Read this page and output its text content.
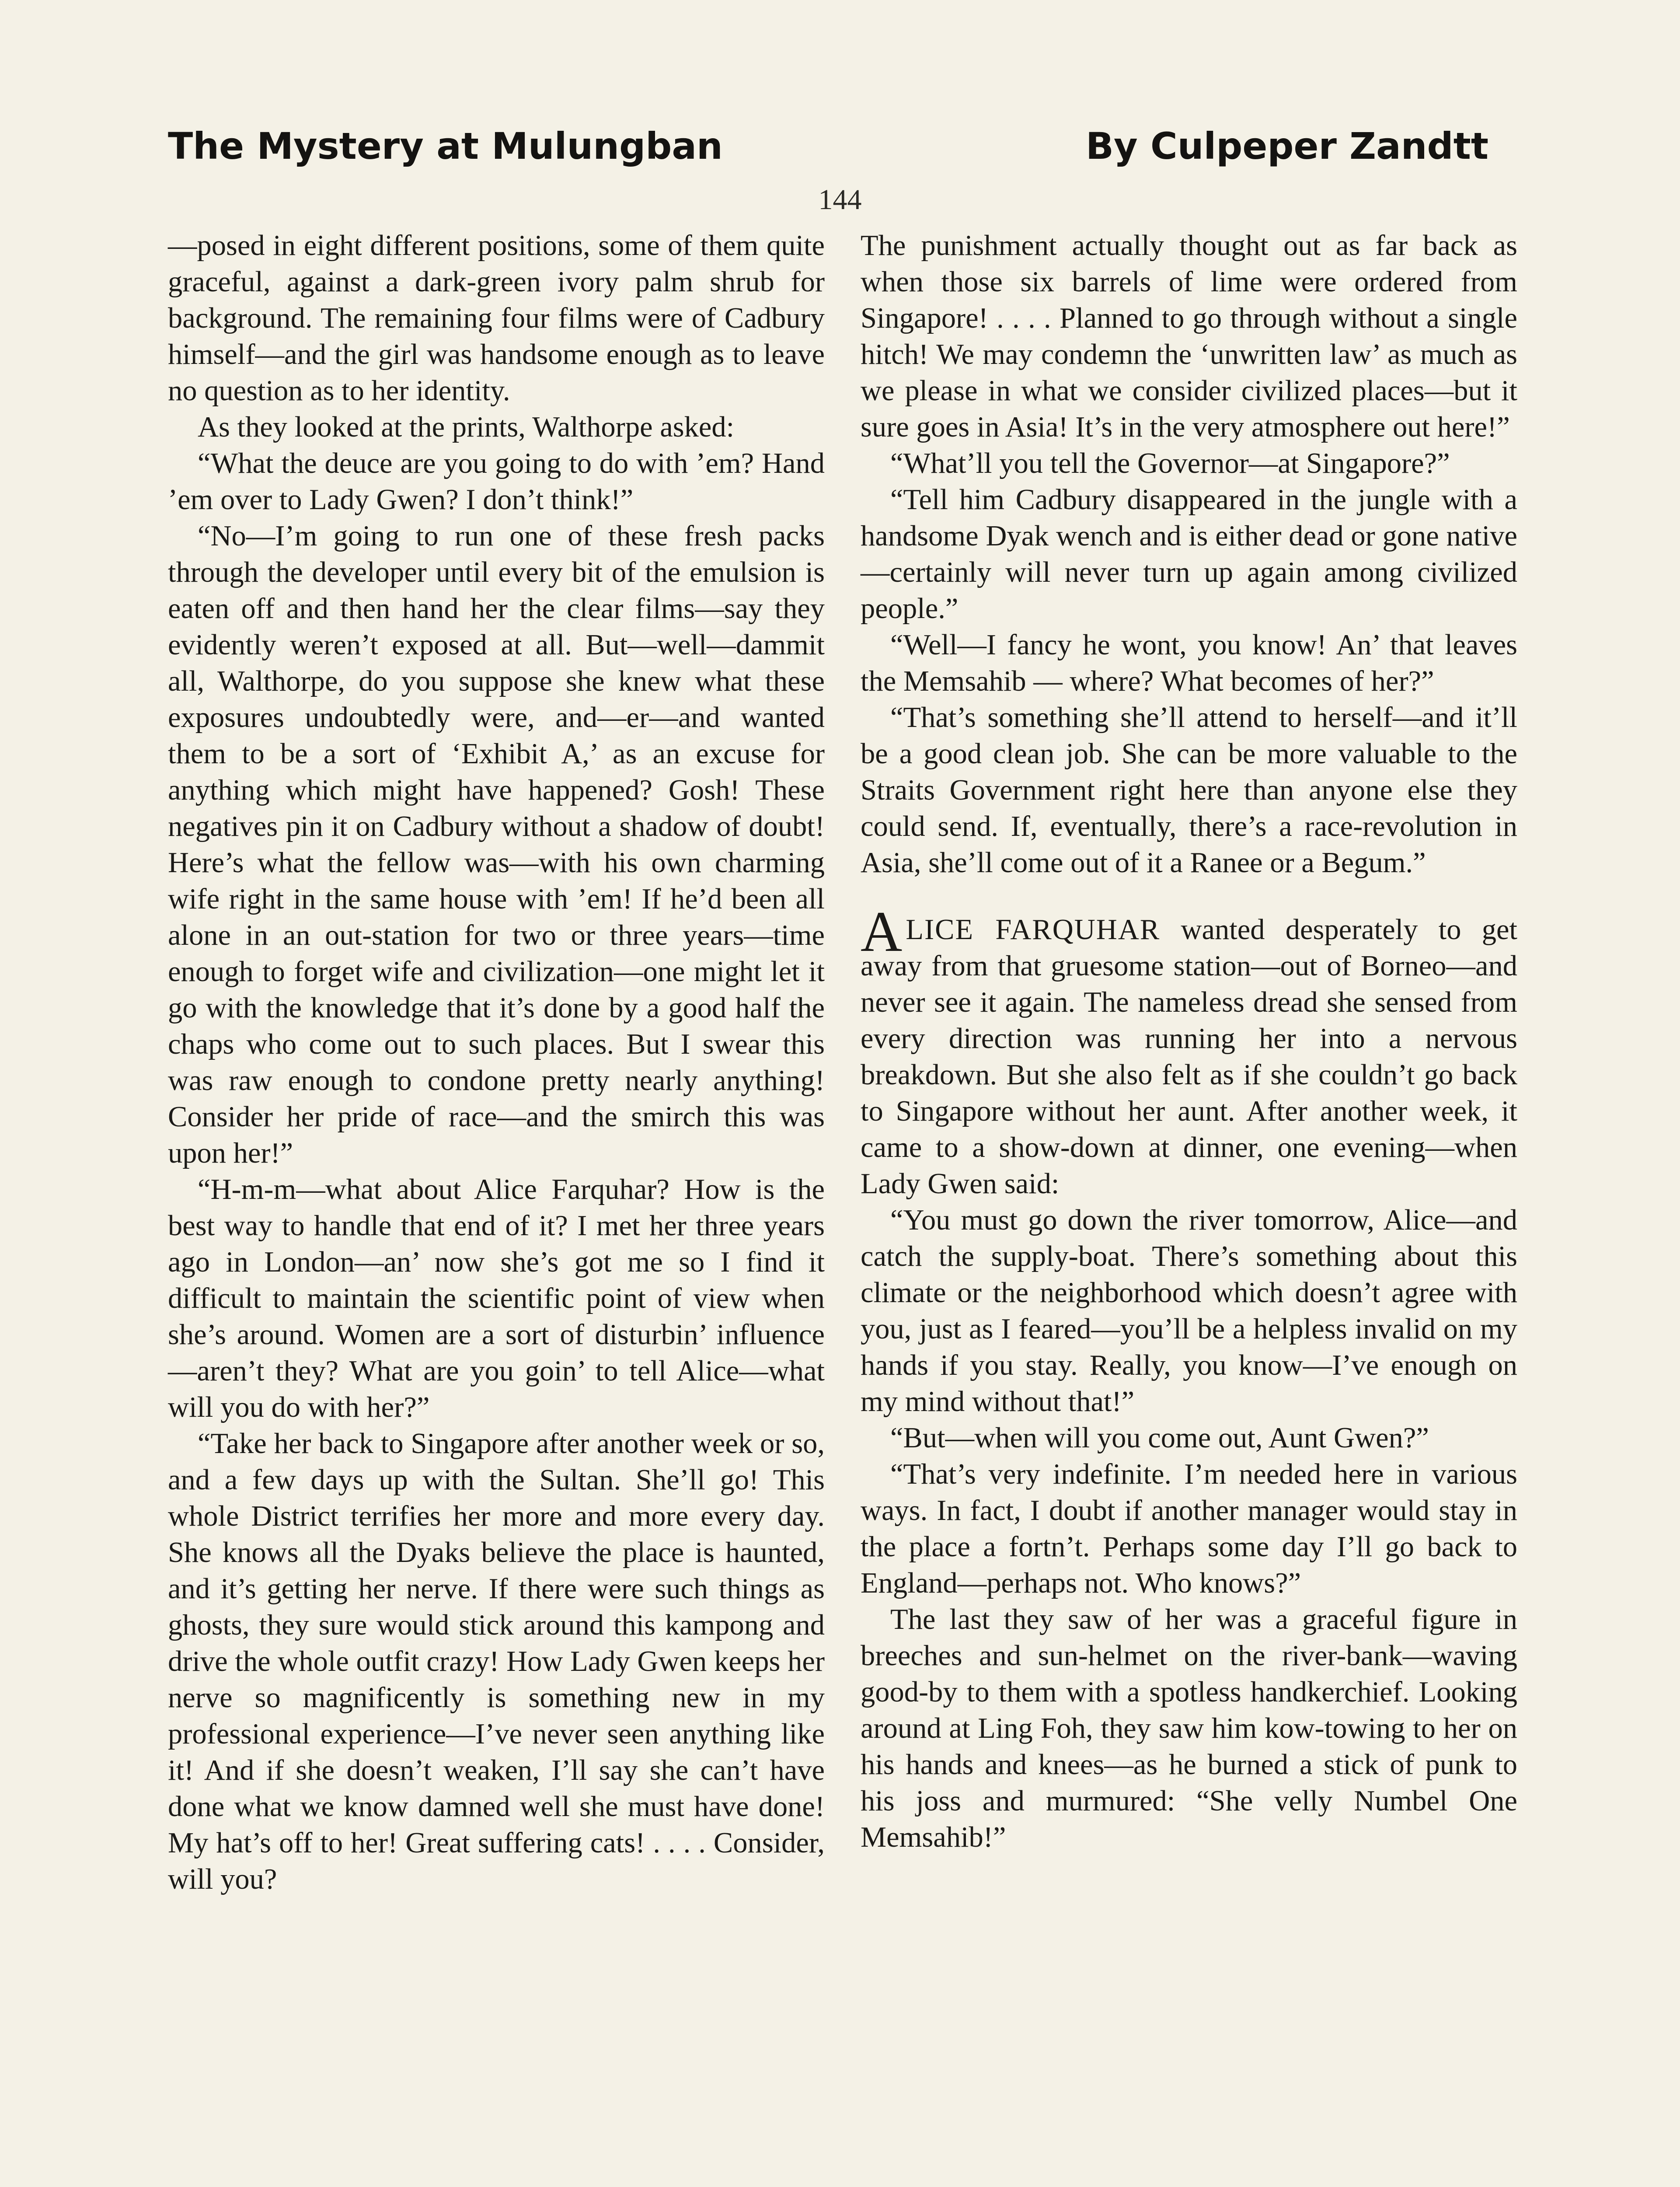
The Mystery at Mulungban	By Culpeper Zandtt
144

—posed in eight different positions, some of them quite graceful, against a dark-green ivory palm shrub for background. The remaining four films were of Cadbury himself—and the girl was handsome enough as to leave no question as to her identity.

As they looked at the prints, Walthorpe asked:

“What the deuce are you going to do with ’em? Hand ’em over to Lady Gwen? I don’t think!”

“No—I’m going to run one of these fresh packs through the developer until every bit of the emulsion is eaten off and then hand her the clear films—say they evidently weren’t exposed at all. But—well—dammit all, Walthorpe, do you suppose she knew what these exposures undoubtedly were, and—er—and wanted them to be a sort of ‘Exhibit A,’ as an excuse for anything which might have happened? Gosh! These negatives pin it on Cadbury without a shadow of doubt! Here’s what the fellow was—with his own charming wife right in the same house with ’em! If he’d been all alone in an out-station for two or three years—time enough to forget wife and civilization—one might let it go with the knowledge that it’s done by a good half the chaps who come out to such places. But I swear this was raw enough to condone pretty nearly anything! Consider her pride of race—and the smirch this was upon her!”

“H-m-m—what about Alice Farquhar? How is the best way to handle that end of it? I met her three years ago in London—an’ now she’s got me so I find it difficult to maintain the scientific point of view when she’s around. Women are a sort of disturbin’ influence—aren’t they? What are you goin’ to tell Alice—what will you do with her?”

“Take her back to Singapore after another week or so, and a few days up with the Sultan. She’ll go! This whole District terrifies her more and more every day. She knows all the Dyaks believe the place is haunted, and it’s getting her nerve. If there were such things as ghosts, they sure would stick around this kampong and drive the whole outfit crazy! How Lady Gwen keeps her nerve so magnificently is something new in my professional experience—I’ve never seen anything like it! And if she doesn’t weaken, I’ll say she can’t have done what we know damned well she must have done! My hat’s off to her! Great suffering cats! . . . . Consider, will you?

The punishment actually thought out as far back as when those six barrels of lime were ordered from Singapore! . . . . Planned to go through without a single hitch! We may condemn the ‘unwritten law’ as much as we please in what we consider civilized places—but it sure goes in Asia! It’s in the very atmosphere out here!”

“What’ll you tell the Governor—at Singapore?”

“Tell him Cadbury disappeared in the jungle with a handsome Dyak wench and is either dead or gone native—certainly will never turn up again among civilized people.”

“Well—I fancy he wont, you know! An’ that leaves the Memsahib — where? What becomes of her?”

“That’s something she’ll attend to herself—and it’ll be a good clean job. She can be more valuable to the Straits Government right here than anyone else they could send. If, eventually, there’s a race-revolution in Asia, she’ll come out of it a Ranee or a Begum.”

ALICE FARQUHAR wanted desperately to get away from that gruesome station—out of Borneo—and never see it again. The nameless dread she sensed from every direction was running her into a nervous breakdown. But she also felt as if she couldn’t go back to Singapore without her aunt. After another week, it came to a show-down at dinner, one evening—when Lady Gwen said:

“You must go down the river tomorrow, Alice—and catch the supply-boat. There’s something about this climate or the neighborhood which doesn’t agree with you, just as I feared—you’ll be a helpless invalid on my hands if you stay. Really, you know—I’ve enough on my mind without that!”

“But—when will you come out, Aunt Gwen?”

“That’s very indefinite. I’m needed here in various ways. In fact, I doubt if another manager would stay in the place a fortn’t. Perhaps some day I’ll go back to England—perhaps not. Who knows?”

The last they saw of her was a graceful figure in breeches and sun-helmet on the river-bank—waving good-by to them with a spotless handkerchief. Looking around at Ling Foh, they saw him kow-towing to her on his hands and knees—as he burned a stick of punk to his joss and murmured: “She velly Numbel One Memsahib!”
